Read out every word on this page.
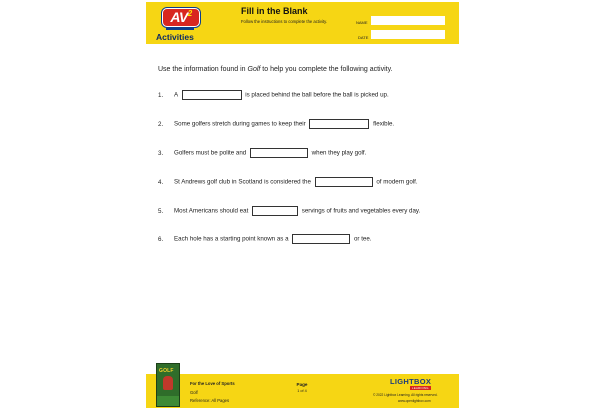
$AV^2$
Activities
Fill in the Blank
Follow the instructions to complete the activity.	NAME
DATE
Use the information found in Golf to help you complete the following activity.
1. A	is placed behind the ball before the ball is picked up.
2. Some golfers stretch during games to keep their	flexible.
3. Golfers must be polite and	when they play golf.
4. St Andrews golf club in Scotland is considered the	of modern golf.
5. Most Americans should eat	servings of fruits and vegetables every day.
6. Each hole has a starting point known as a	or tee.
GOLF
For the Love of Sports
Golf
Reference: All Pages
Page
1 of 4
LIGHTBOX
LEARNING
© 2022 Lightbox Learning. All rights reserved.
www.openlightbox.com
